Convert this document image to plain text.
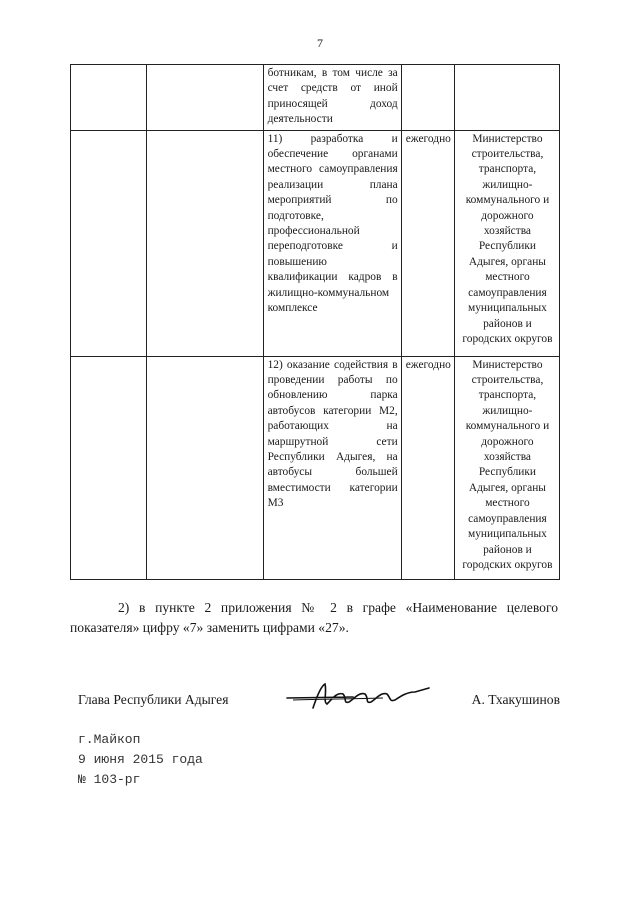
7

		ботникам, в том числе за счет средств от иной приносящей доход деятельности		

		11) разработка и обеспечение органами местного самоуправления реализации плана мероприятий по подготовке, профессиональной переподготовке и повышению квалификации кадров в жилищно-коммунальном комплексе	ежегодно	Министерство строительства, транспорта, жилищно-коммунального и дорожного хозяйства Республики Адыгея, органы местного самоуправления муниципальных районов и городских округов

		12) оказание содействия в проведении работы по обновлению парка автобусов категории М2, работающих на маршрутной сети Республики Адыгея, на автобусы большей вместимости категории М3	ежегодно	Министерство строительства, транспорта, жилищно-коммунального и дорожного хозяйства Республики Адыгея, органы местного самоуправления муниципальных районов и городских округов

2) в пункте 2 приложения № 2 в графе «Наименование целевого показателя» цифру «7» заменить цифрами «27».

Глава Республики Адыгея	А. Тхакушинов
г.Майкоп
9 июня 2015 года
№ 103-рг
